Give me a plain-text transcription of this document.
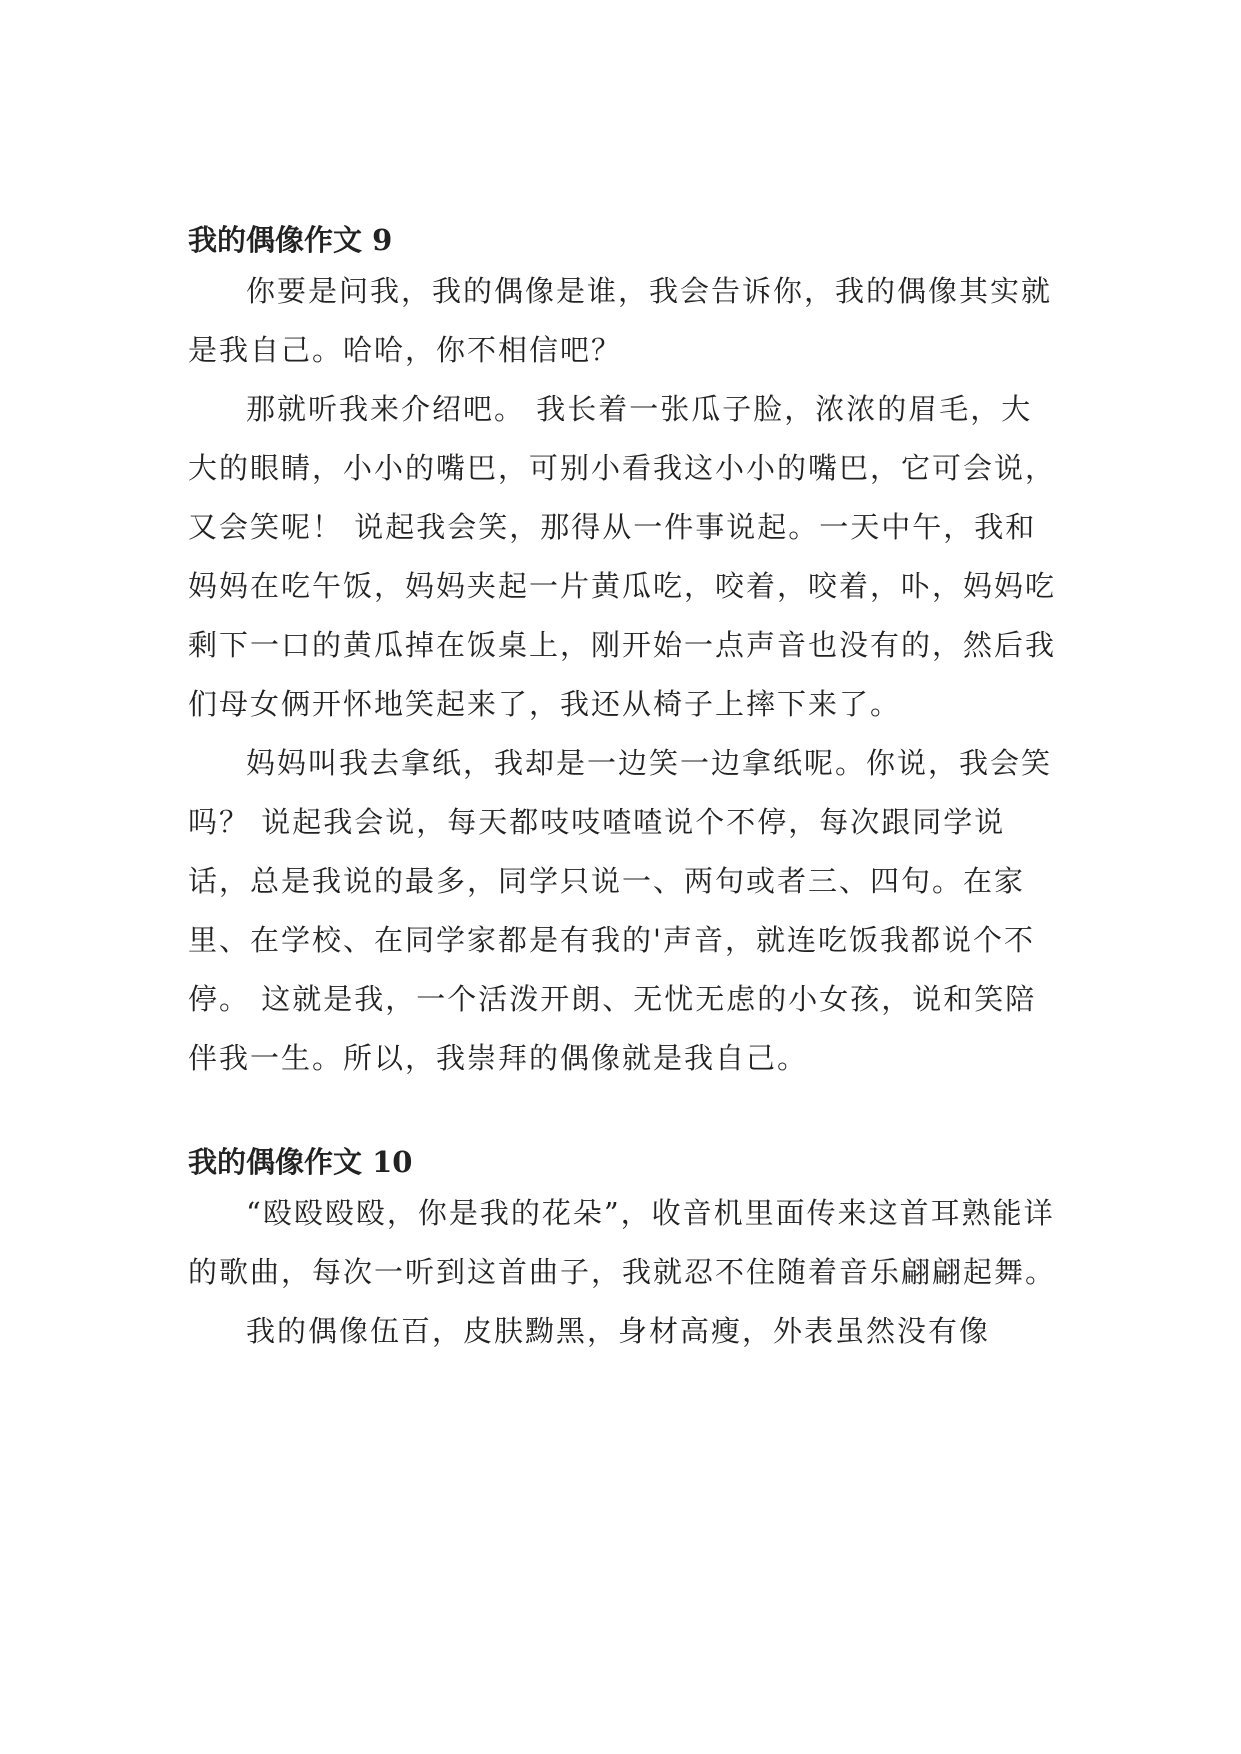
我的偶像作文 9

你要是问我，我的偶像是谁，我会告诉你，我的偶像其实就是我自己。哈哈，你不相信吧？

那就听我来介绍吧。 我长着一张瓜子脸，浓浓的眉毛，大大的眼睛，小小的嘴巴，可别小看我这小小的嘴巴，它可会说，又会笑呢！ 说起我会笑，那得从一件事说起。一天中午，我和妈妈在吃午饭，妈妈夹起一片黄瓜吃，咬着，咬着，卟，妈妈吃剩下一口的黄瓜掉在饭桌上，刚开始一点声音也没有的，然后我们母女俩开怀地笑起来了，我还从椅子上摔下来了。

妈妈叫我去拿纸，我却是一边笑一边拿纸呢。你说，我会笑吗？ 说起我会说，每天都吱吱喳喳说个不停，每次跟同学说话，总是我说的最多，同学只说一、两句或者三、四句。在家里、在学校、在同学家都是有我的'声音，就连吃饭我都说个不停。 这就是我，一个活泼开朗、无忧无虑的小女孩，说和笑陪伴我一生。所以，我崇拜的偶像就是我自己。

我的偶像作文 10

“殴殴殴殴，你是我的花朵”，收音机里面传来这首耳熟能详的歌曲，每次一听到这首曲子，我就忍不住随着音乐翩翩起舞。

我的偶像伍百，皮肤黝黑，身材高瘦，外表虽然没有像
